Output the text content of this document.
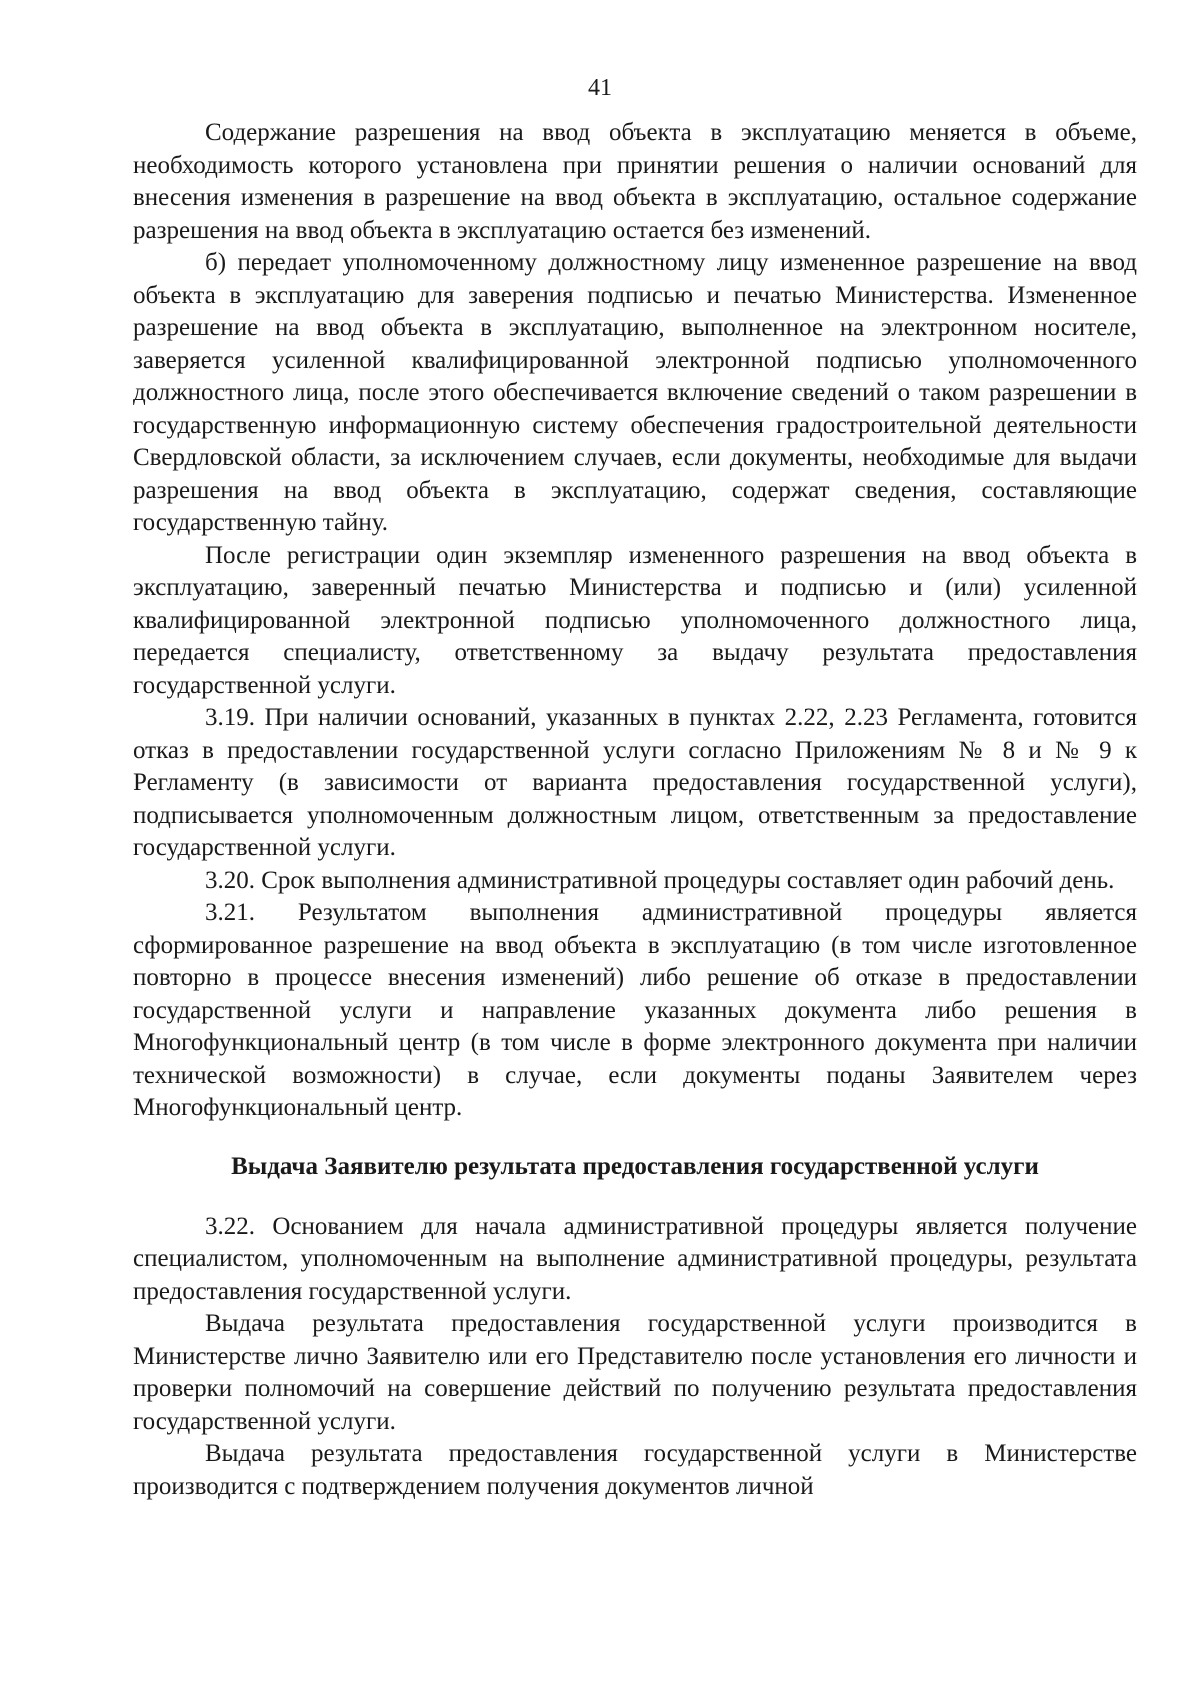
41

Содержание разрешения на ввод объекта в эксплуатацию меняется в объеме, необходимость которого установлена при принятии решения о наличии оснований для внесения изменения в разрешение на ввод объекта в эксплуатацию, остальное содержание разрешения на ввод объекта в эксплуатацию остается без изменений.

б) передает уполномоченному должностному лицу измененное разрешение на ввод объекта в эксплуатацию для заверения подписью и печатью Министерства. Измененное разрешение на ввод объекта в эксплуатацию, выполненное на электронном носителе, заверяется усиленной квалифицированной электронной подписью уполномоченного должностного лица, после этого обеспечивается включение сведений о таком разрешении в государственную информационную систему обеспечения градостроительной деятельности Свердловской области, за исключением случаев, если документы, необходимые для выдачи разрешения на ввод объекта в эксплуатацию, содержат сведения, составляющие государственную тайну.

После регистрации один экземпляр измененного разрешения на ввод объекта в эксплуатацию, заверенный печатью Министерства и подписью и (или) усиленной квалифицированной электронной подписью уполномоченного должностного лица, передается специалисту, ответственному за выдачу результата предоставления государственной услуги.

3.19. При наличии оснований, указанных в пунктах 2.22, 2.23 Регламента, готовится отказ в предоставлении государственной услуги согласно Приложениям № 8 и № 9 к Регламенту (в зависимости от варианта предоставления государственной услуги), подписывается уполномоченным должностным лицом, ответственным за предоставление государственной услуги.

3.20. Срок выполнения административной процедуры составляет один рабочий день.

3.21. Результатом выполнения административной процедуры является сформированное разрешение на ввод объекта в эксплуатацию (в том числе изготовленное повторно в процессе внесения изменений) либо решение об отказе в предоставлении государственной услуги и направление указанных документа либо решения в Многофункциональный центр (в том числе в форме электронного документа при наличии технической возможности) в случае, если документы поданы Заявителем через Многофункциональный центр.

Выдача Заявителю результата предоставления государственной услуги

3.22. Основанием для начала административной процедуры является получение специалистом, уполномоченным на выполнение административной процедуры, результата предоставления государственной услуги.

Выдача результата предоставления государственной услуги производится в Министерстве лично Заявителю или его Представителю после установления его личности и проверки полномочий на совершение действий по получению результата предоставления государственной услуги.

Выдача результата предоставления государственной услуги в Министерстве производится с подтверждением получения документов личной
